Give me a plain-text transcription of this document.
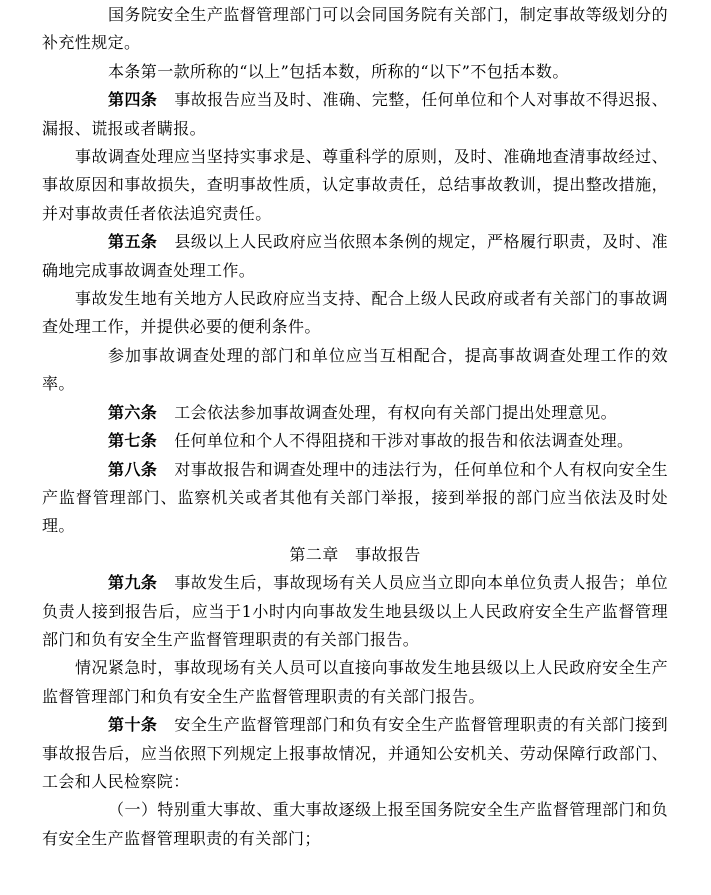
国务院安全生产监督管理部门可以会同国务院有关部门，制定事故等级划分的补充性规定。

本条第一款所称的“以上”包括本数，所称的“以下”不包括本数。

第四条 事故报告应当及时、准确、完整，任何单位和个人对事故不得迟报、漏报、谎报或者瞒报。

事故调查处理应当坚持实事求是、尊重科学的原则，及时、准确地查清事故经过、事故原因和事故损失，查明事故性质，认定事故责任，总结事故教训，提出整改措施，并对事故责任者依法追究责任。

第五条 县级以上人民政府应当依照本条例的规定，严格履行职责，及时、准确地完成事故调查处理工作。

事故发生地有关地方人民政府应当支持、配合上级人民政府或者有关部门的事故调查处理工作，并提供必要的便利条件。

参加事故调查处理的部门和单位应当互相配合，提高事故调查处理工作的效率。

第六条 工会依法参加事故调查处理，有权向有关部门提出处理意见。

第七条 任何单位和个人不得阻挠和干涉对事故的报告和依法调查处理。

第八条 对事故报告和调查处理中的违法行为，任何单位和个人有权向安全生产监督管理部门、监察机关或者其他有关部门举报，接到举报的部门应当依法及时处理。

第二章　事故报告

第九条 事故发生后，事故现场有关人员应当立即向本单位负责人报告；单位负责人接到报告后，应当于1小时内向事故发生地县级以上人民政府安全生产监督管理部门和负有安全生产监督管理职责的有关部门报告。

情况紧急时，事故现场有关人员可以直接向事故发生地县级以上人民政府安全生产监督管理部门和负有安全生产监督管理职责的有关部门报告。

第十条 安全生产监督管理部门和负有安全生产监督管理职责的有关部门接到事故报告后，应当依照下列规定上报事故情况，并通知公安机关、劳动保障行政部门、工会和人民检察院：

（一）特别重大事故、重大事故逐级上报至国务院安全生产监督管理部门和负有安全生产监督管理职责的有关部门；
